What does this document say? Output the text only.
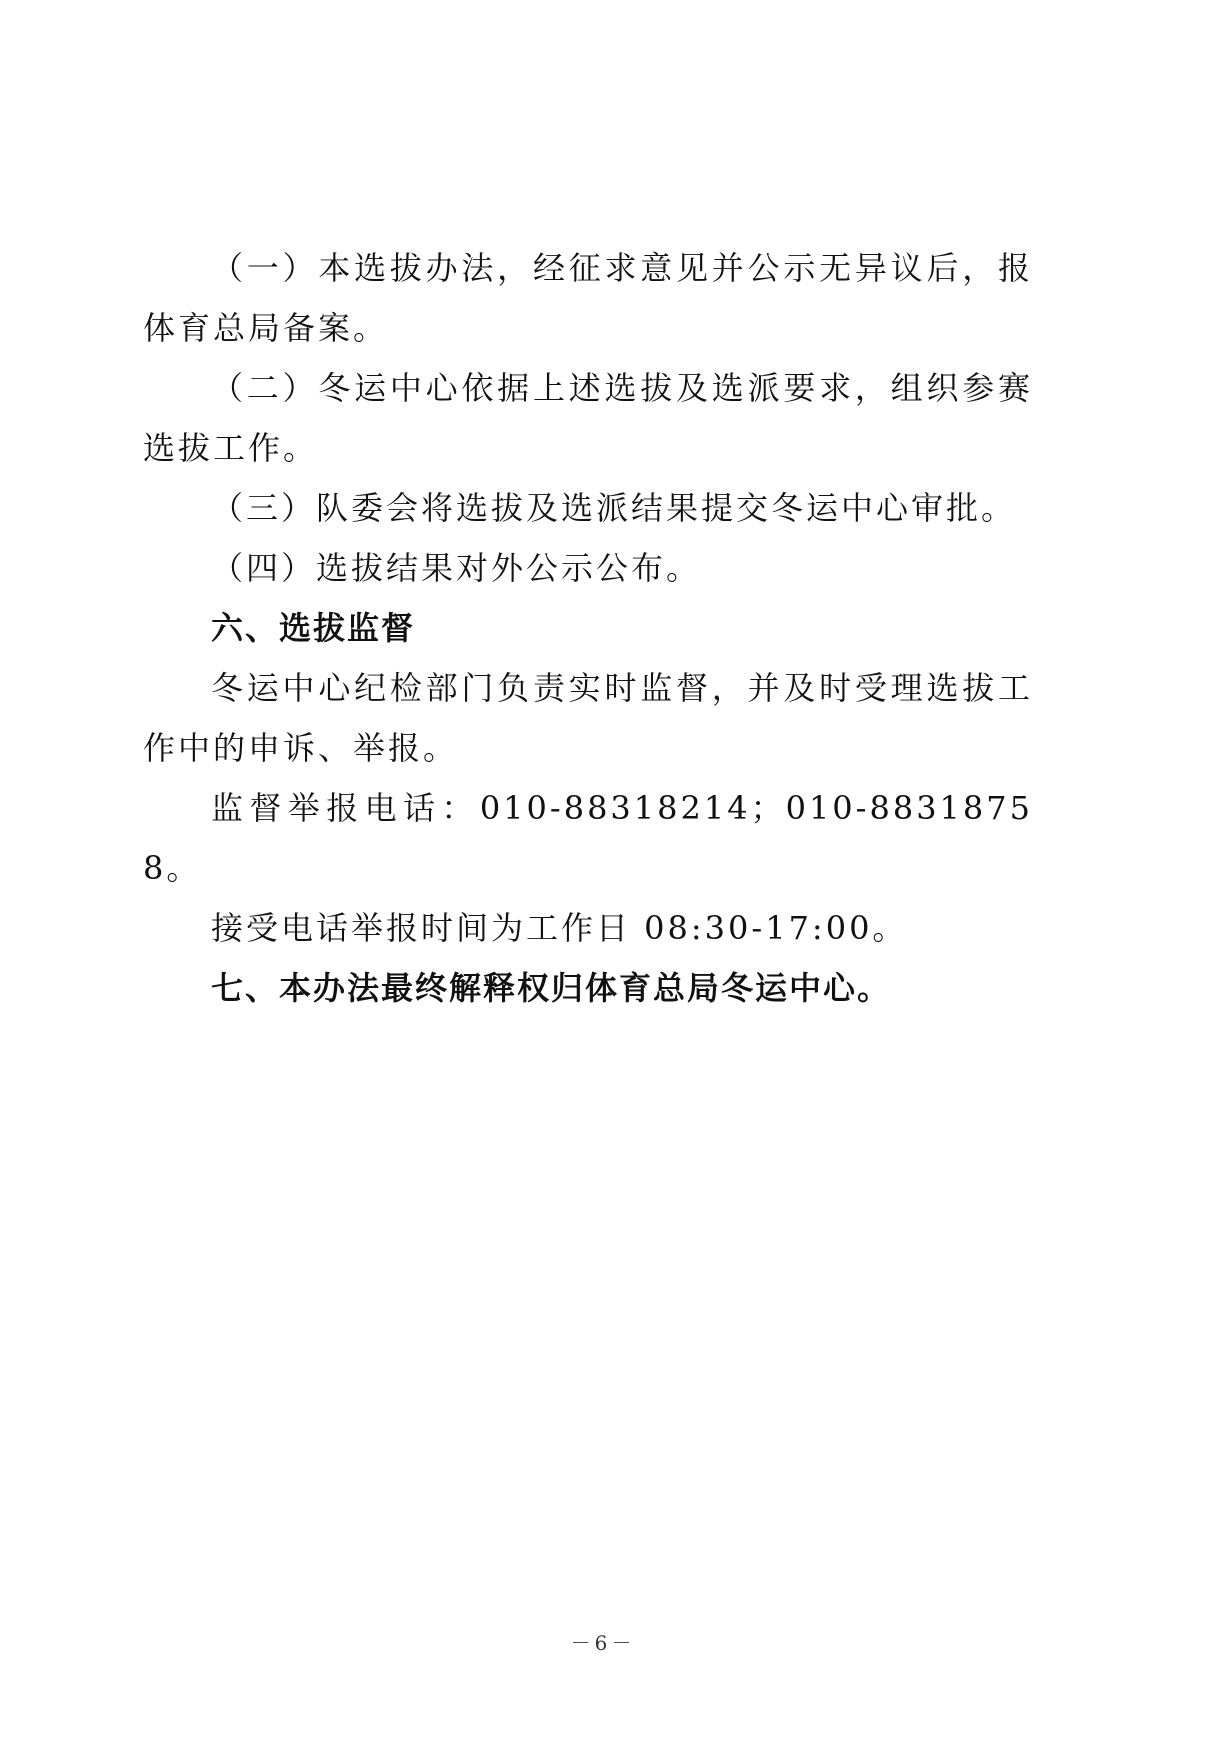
（一）本选拔办法，经征求意见并公示无异议后，报体育总局备案。

（二）冬运中心依据上述选拔及选派要求，组织参赛选拔工作。

（三）队委会将选拔及选派结果提交冬运中心审批。

（四）选拔结果对外公示公布。

六、选拔监督

冬运中心纪检部门负责实时监督，并及时受理选拔工作中的申诉、举报。

监督举报电话：010-88318214；010-88318758。

接受电话举报时间为工作日 08:30-17:00。

七、本办法最终解释权归体育总局冬运中心。
－6－
